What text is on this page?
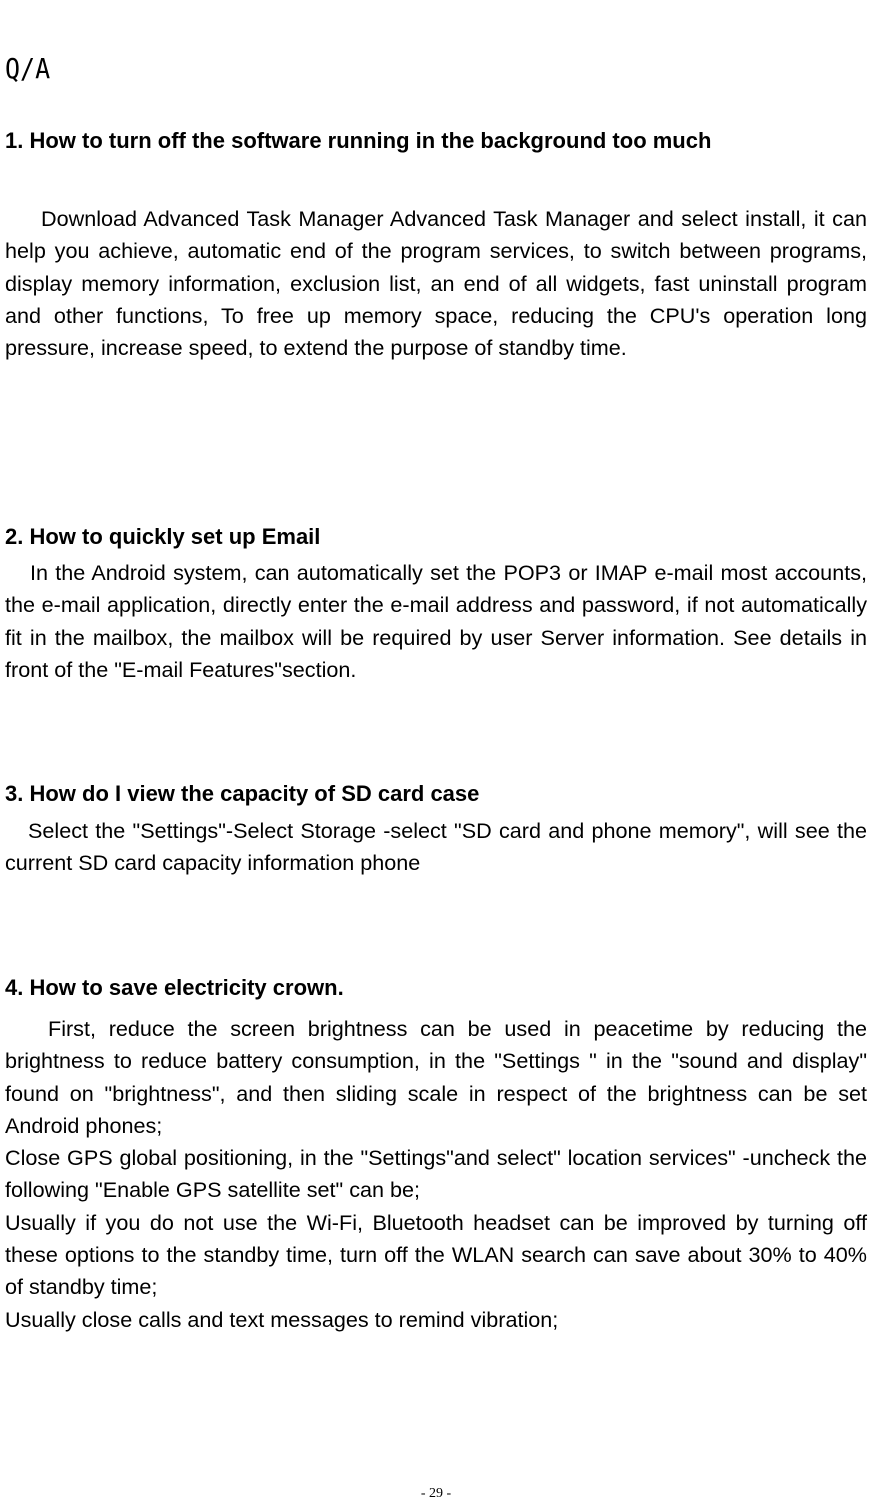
Q/A
1. How to turn off the software running in the background too much

Download Advanced Task Manager Advanced Task Manager and select install, it can help you achieve, automatic end of the program services, to switch between programs, display memory information, exclusion list, an end of all widgets, fast uninstall program and other functions, To free up memory space, reducing the CPU's operation long pressure, increase speed, to extend the purpose of standby time.

2. How to quickly set up Email

In the Android system, can automatically set the POP3 or IMAP e-mail most accounts, the e-mail application, directly enter the e-mail address and password, if not automatically fit in the mailbox, the mailbox will be required by user Server information. See details in front of the "E-mail Features"section.

3. How do I view the capacity of SD card case

Select the "Settings"-Select Storage -select "SD card and phone memory", will see the current SD card capacity information phone

4. How to save electricity crown.

First, reduce the screen brightness can be used in peacetime by reducing the brightness to reduce battery consumption, in the "Settings " in the "sound and display" found on "brightness", and then sliding scale in respect of the brightness can be set Android phones;

Close GPS global positioning, in the "Settings"and select" location services" -uncheck the following "Enable GPS satellite set" can be;

Usually if you do not use the Wi-Fi, Bluetooth headset can be improved by turning off these options to the standby time, turn off the WLAN search can save about 30% to 40% of standby time;

Usually close calls and text messages to remind vibration;

- 29 -
